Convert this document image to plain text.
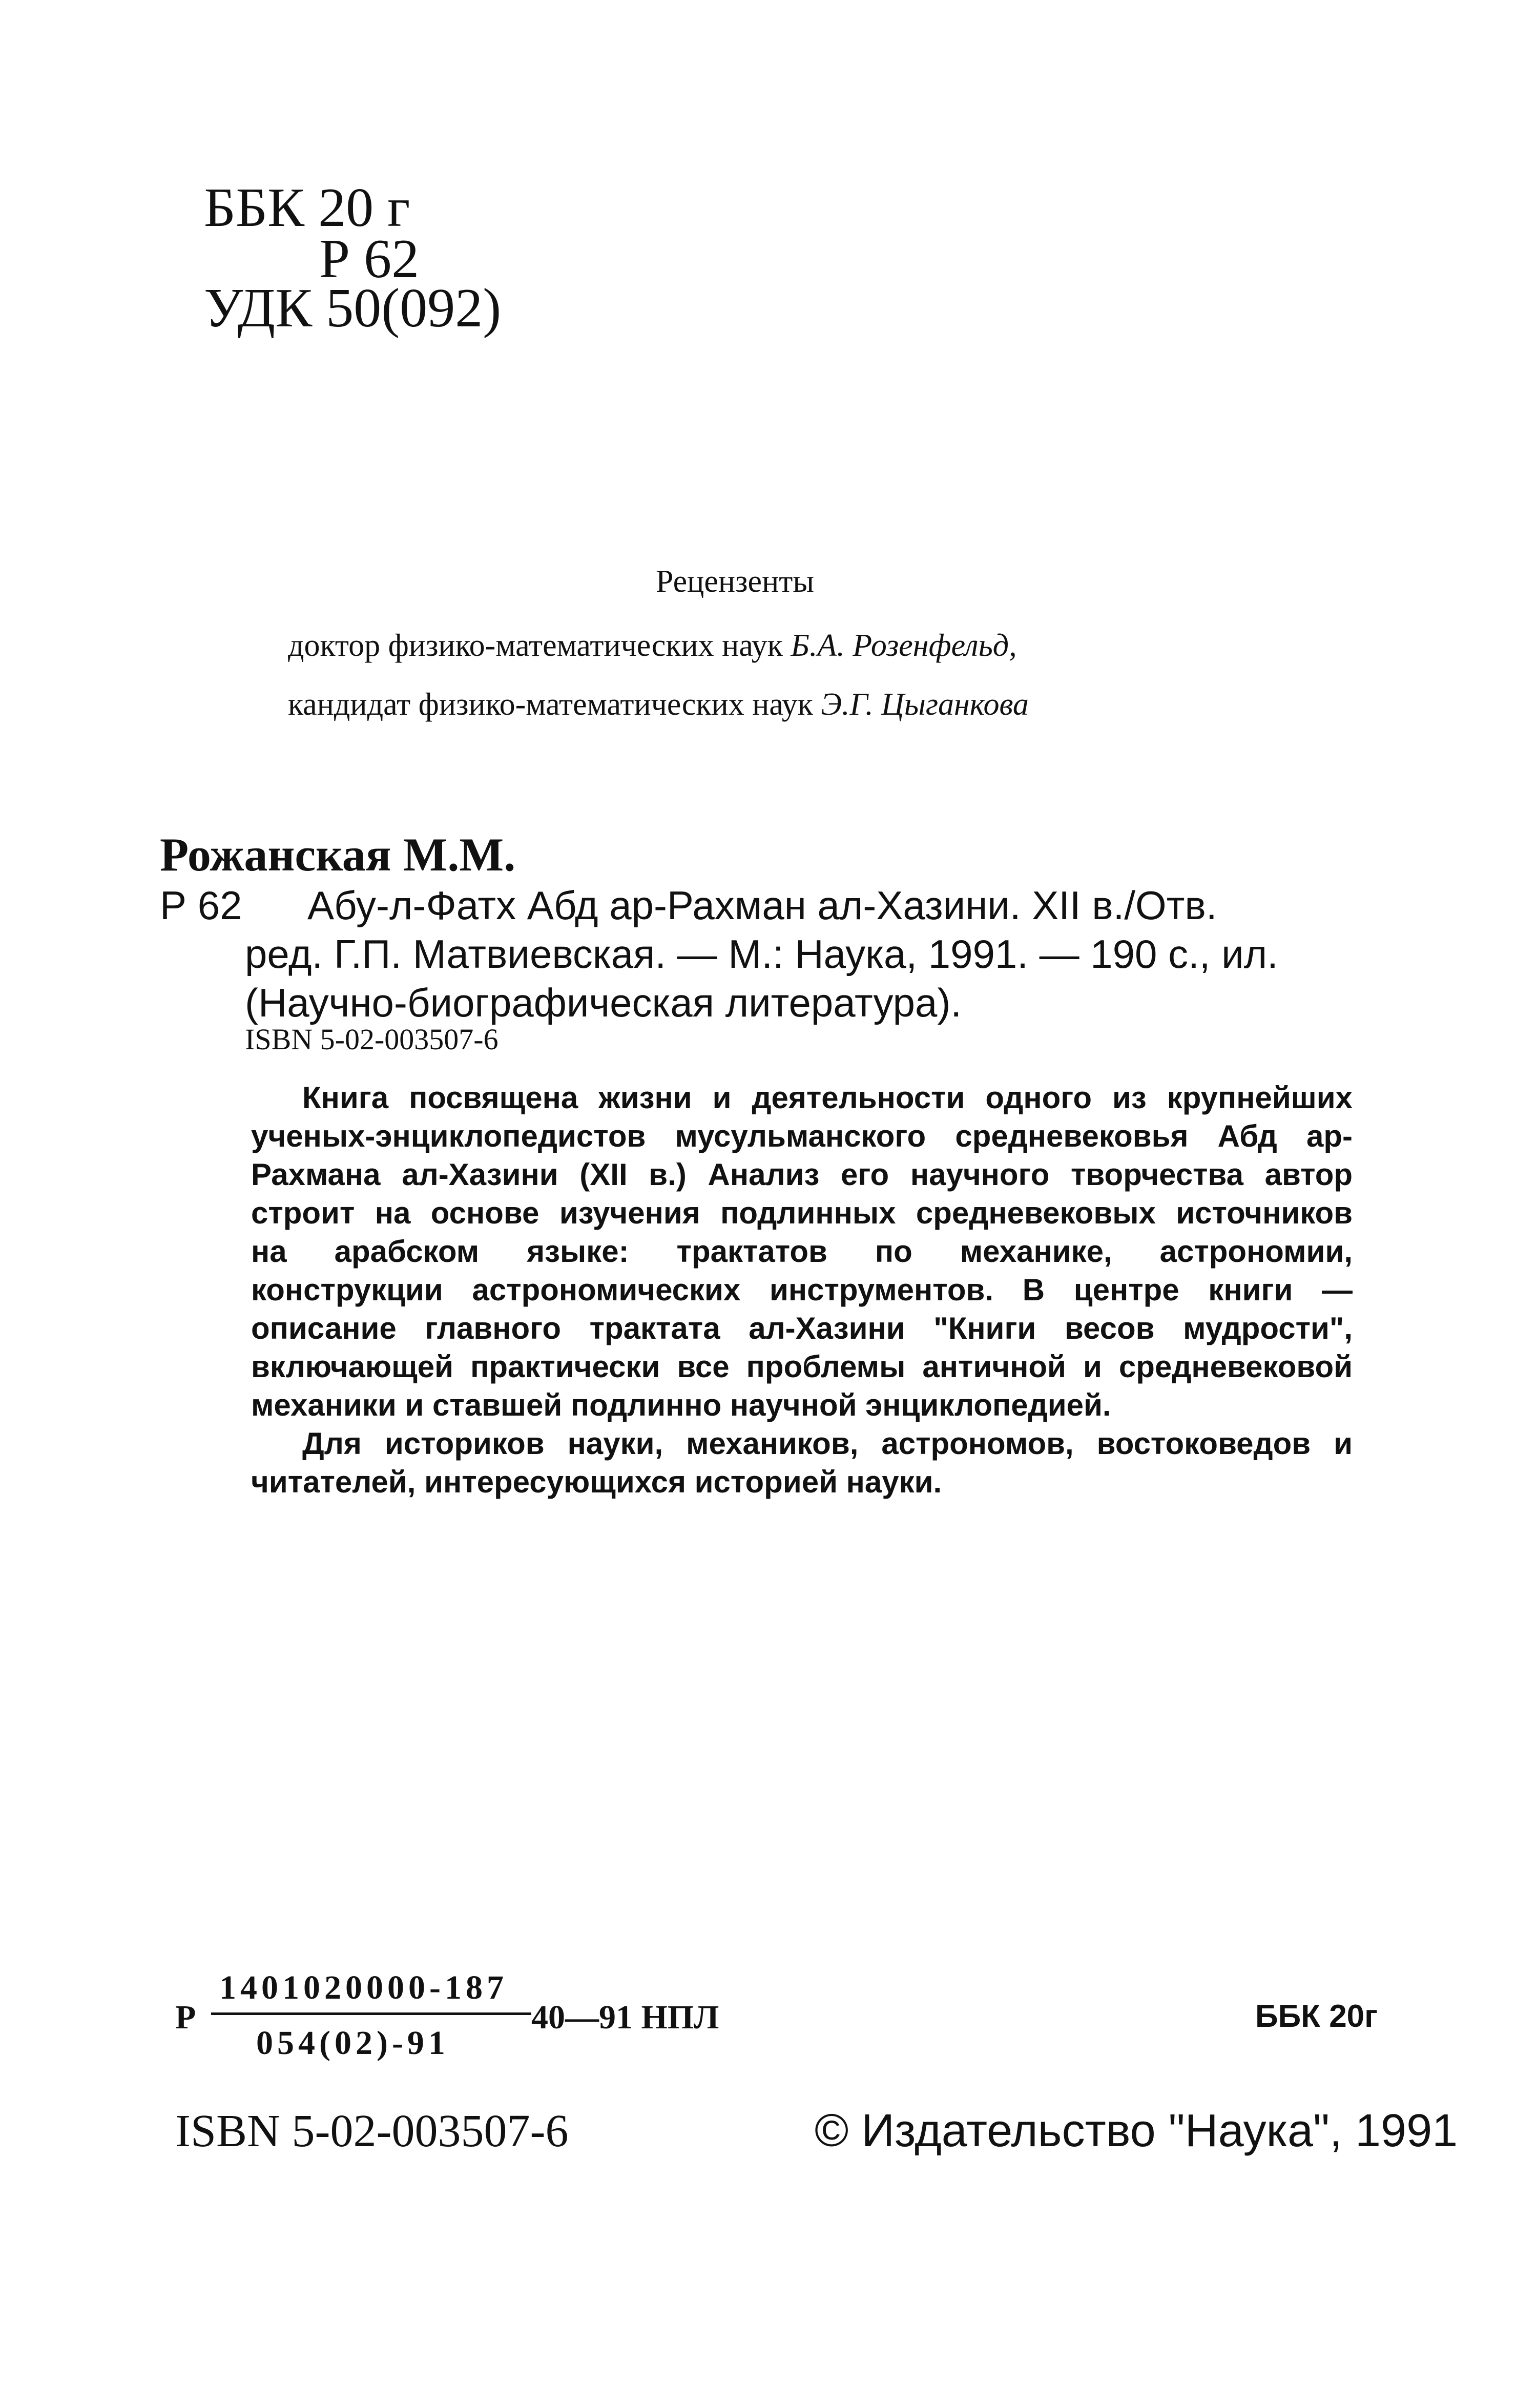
ББК 20 г
Р 62
УДК 50(092)
Рецензенты
доктор физико-математических наук Б.А. Розенфельд,
кандидат физико-математических наук Э.Г. Цыганкова
Рожанская М.М.
Р 62 Абу-л-Фатх Абд ар-Рахман ал-Хазини. XII в./Отв.
ред. Г.П. Матвиевская. — М.: Наука, 1991. — 190 с., ил.
(Научно-биографическая литература).
ISBN 5-02-003507-6
Книга посвящена жизни и деятельности одного из крупнейших
ученых-энциклопедистов мусульманского средневековья Абд ар-
Рахмана ал-Хазини (XII в.) Анализ его научного творчества автор
строит на основе изучения подлинных средневековых источников
на арабском языке: трактатов по механике, астрономии,
конструкции астрономических инструментов. В центре книги —
описание главного трактата ал-Хазини "Книги весов мудрости",
включающей практически все проблемы античной и средневековой
механики и ставшей подлинно научной энциклопедией.
Для историков науки, механиков, астрономов, востоковедов и
читателей, интересующихся историей науки.
Р
1401020000-187
054(02)-91
40—91 НПЛ	ББК 20г
ISBN 5-02-003507-6	© Издательство "Наука", 1991
